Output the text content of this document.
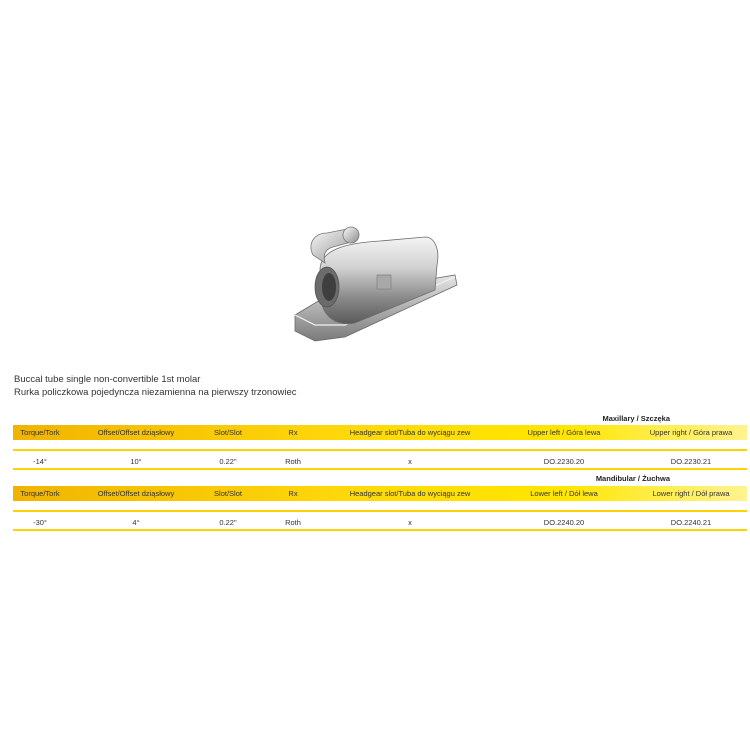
Buccal tube single non-convertible 1st molar
Rurka policzkowa pojedyncza niezamienna na pierwszy trzonowiec
Maxillary / Szczęka
Torque/Tork	Offset/Offset dziąsłowy	Slot/Slot	Rx	Headgear slot/Tuba do wyciągu zew	Upper left / Góra lewa	Upper right / Góra prawa
-14°	10°	0.22"	Roth	x	DO.2230.20	DO.2230.21
Mandibular / Żuchwa
Torque/Tork	Offset/Offset dziąsłowy	Slot/Slot	Rx	Headgear slot/Tuba do wyciągu zew	Lower left / Dół lewa	Lower right / Dół prawa
-30°	4°	0.22"	Roth	x	DO.2240.20	DO.2240.21
